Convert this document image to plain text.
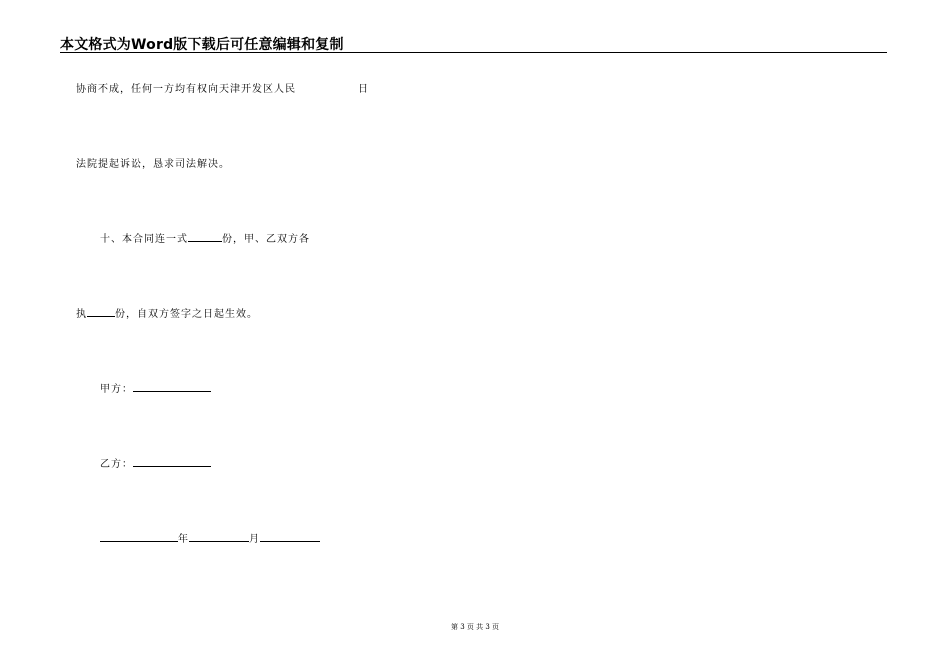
本文格式为Word版下载后可任意编辑和复制
协商不成，任何一方均有权向天津开发区人民	日
法院提起诉讼，恳求司法解决。
十、本合同连一式	份，甲、乙双方各
执	份，自双方签字之日起生效。
甲方：
乙方：
年	月
第 3 页 共 3 页
